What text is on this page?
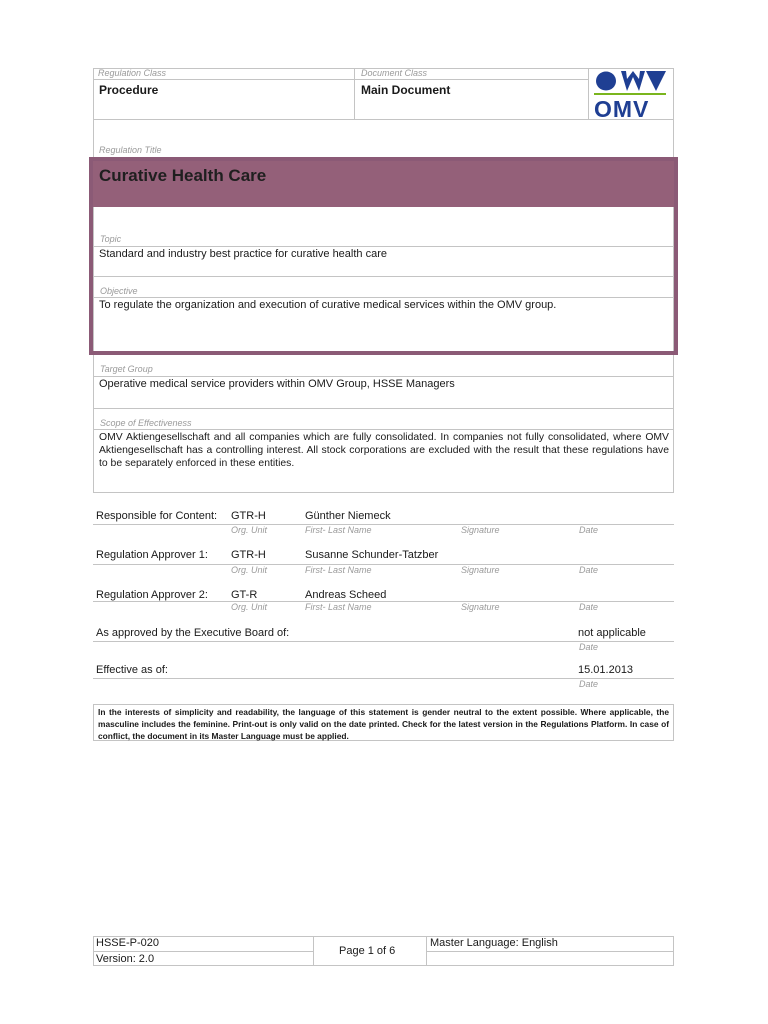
Regulation Class
Procedure
Document Class
Main Document
OMV
Regulation Title
Curative Health Care
Topic
Standard and industry best practice for curative health care
Objective
To regulate the organization and execution of curative medical services within the OMV group.
Target Group
Operative medical service providers within OMV Group, HSSE Managers
Scope of Effectiveness
OMV Aktiengesellschaft and all companies which are fully consolidated. In companies not fully consolidated, where OMV Aktiengesellschaft has a controlling interest. All stock corporations are excluded with the result that these regulations have to be separately enforced in these entities.
Responsible for Content: GTR-H	Günther Niemeck
Org. Unit	First- Last Name	Signature	Date
Regulation Approver 1: GTR-H	Susanne Schunder-Tatzber
Org. Unit	First- Last Name	Signature	Date
Regulation Approver 2: GT-R	Andreas Scheed
Org. Unit	First- Last Name	Signature	Date
As approved by the Executive Board of:	not applicable
Date
Effective as of:	15.01.2013
Date
In the interests of simplicity and readability, the language of this statement is gender neutral to the extent possible. Where applicable, the masculine includes the feminine. Print-out is only valid on the date printed. Check for the latest version in the Regulations Platform. In case of conflict, the document in its Master Language must be applied.
HSSE-P-020
Version: 2.0
Page 1 of 6
Master Language: English
